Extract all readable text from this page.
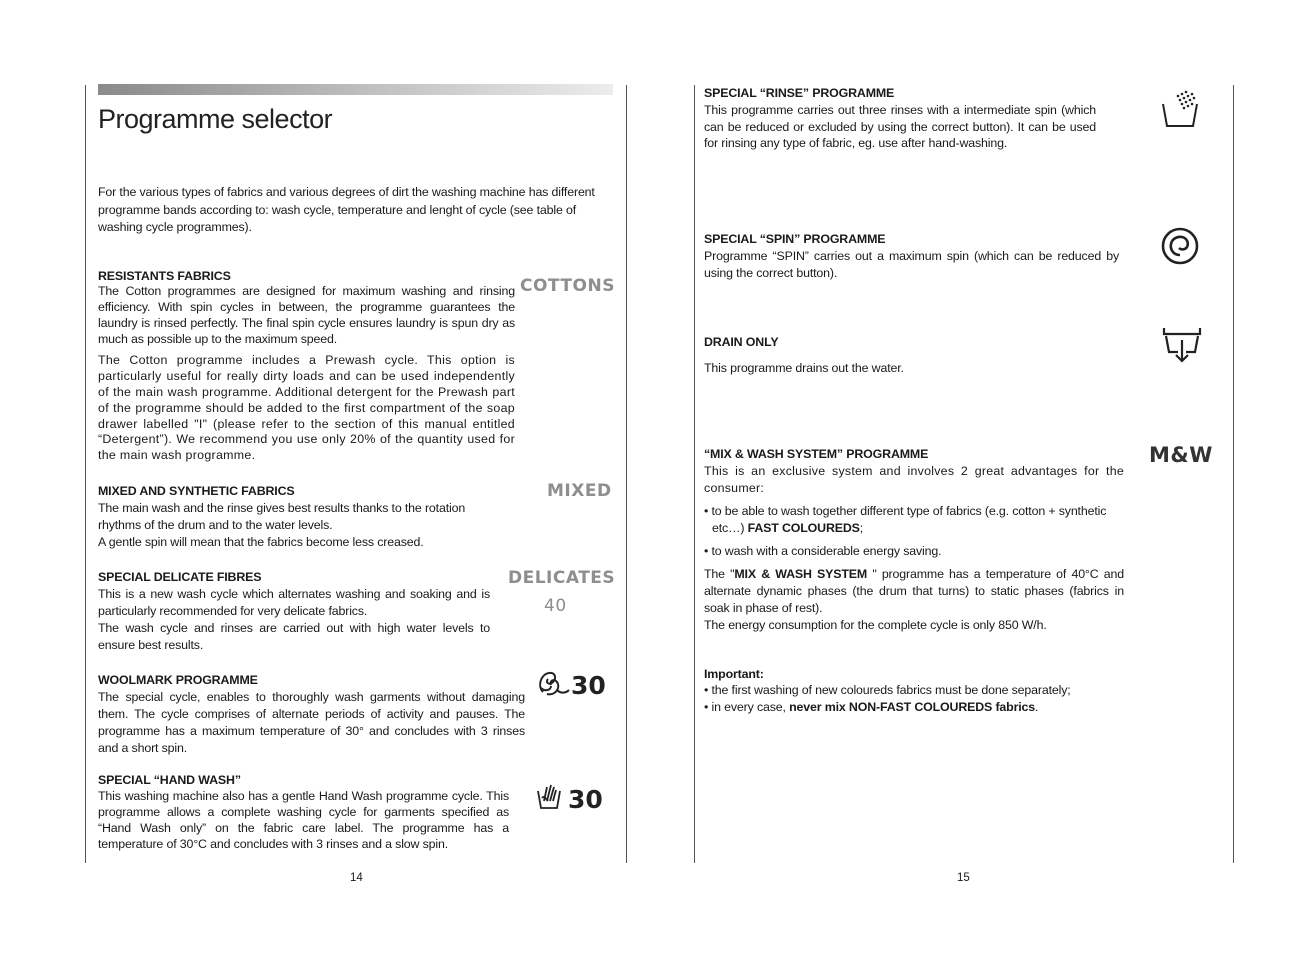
Programme selector
For the various types of fabrics and various degrees of dirt the washing machine has different programme bands according to: wash cycle, temperature and lenght of cycle (see table of washing cycle programmes).
RESISTANTS FABRICS

The Cotton programmes are designed for maximum washing and rinsing efficiency. With spin cycles in between, the programme guarantees the laundry is rinsed perfectly. The final spin cycle ensures laundry is spun dry as much as possible up to the maximum speed.

The Cotton programme includes a Prewash cycle. This option is particularly useful for really dirty loads and can be used independently of the main wash programme. Additional detergent for the Prewash part of the programme should be added to the first compartment of the soap drawer labelled "I" (please refer to the section of this manual entitled “Detergent”). We recommend you use only 20% of the quantity used for the main wash programme.

COTTONS
MIXED AND SYNTHETIC FABRICS

The main wash and the rinse gives best results thanks to the rotation rhythms of the drum and to the water levels.

A gentle spin will mean that the fabrics become less creased.

MIXED
SPECIAL DELICATE FIBRES

This is a new wash cycle which alternates washing and soaking and is particularly recommended for very delicate fabrics.

The wash cycle and rinses are carried out with high water levels to ensure best results.

DELICATES
40
WOOLMARK PROGRAMME

The special cycle, enables to thoroughly wash garments without damaging them. The cycle comprises of alternate periods of activity and pauses. The programme has a maximum temperature of 30° and concludes with 3 rinses and a short spin.

30
SPECIAL “HAND WASH”

This washing machine also has a gentle Hand Wash programme cycle. This programme allows a complete washing cycle for garments specified as “Hand Wash only” on the fabric care label. The programme has a temperature of 30°C and concludes with 3 rinses and a slow spin.

30
14
SPECIAL “RINSE” PROGRAMME

This programme carries out three rinses with a intermediate spin (which can be reduced or excluded by using the correct button). It can be used for rinsing any type of fabric, eg. use after hand-washing.

SPECIAL “SPIN” PROGRAMME

Programme “SPIN” carries out a maximum spin (which can be reduced by using the correct button).

DRAIN ONLY

This programme drains out the water.

“MIX & WASH SYSTEM” PROGRAMME

This is an exclusive system and involves 2 great advantages for the consumer:

• to be able to wash together different type of fabrics (e.g. cotton + synthetic etc…) FAST COLOUREDS;

• to wash with a considerable energy saving.

The "MIX & WASH SYSTEM " programme has a temperature of 40°C and alternate dynamic phases (the drum that turns) to static phases (fabrics in soak in phase of rest).

The energy consumption for the complete cycle is only 850 W/h.

M&W
Important:

• the first washing of new coloureds fabrics must be done separately;

• in every case, never mix NON-FAST COLOUREDS fabrics.

15
